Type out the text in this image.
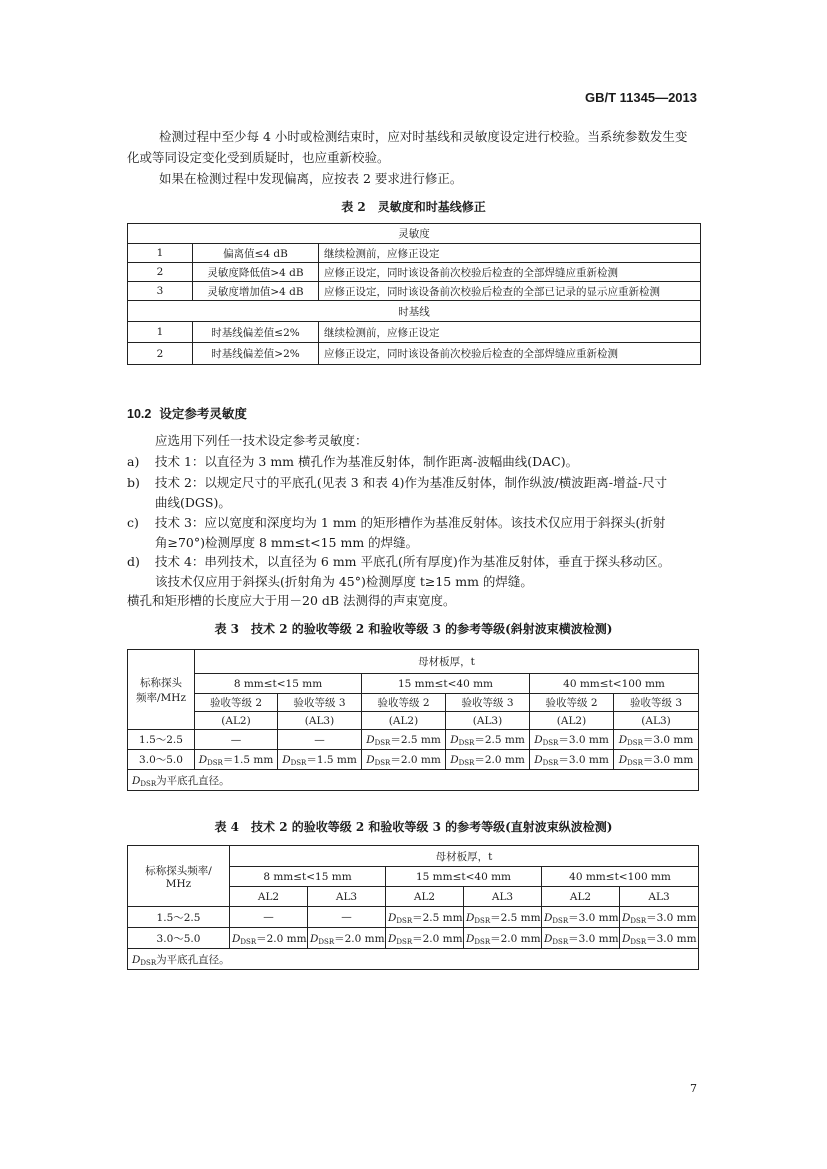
GB/T 11345—2013
检测过程中至少每 4 小时或检测结束时，应对时基线和灵敏度设定进行校验。当系统参数发生变
化或等同设定变化受到质疑时，也应重新校验。
如果在检测过程中发现偏离，应按表 2 要求进行修正。
表 2　灵敏度和时基线修正
灵敏度		
1	偏离值≤4 dB	继续检测前，应修正设定
2	灵敏度降低值>4 dB	应修正设定，同时该设备前次校验后检查的全部焊缝应重新检测
3	灵敏度增加值>4 dB	应修正设定，同时该设备前次校验后检查的全部已记录的显示应重新检测
时基线		
1	时基线偏差值≤2%	继续检测前，应修正设定
2	时基线偏差值>2%	应修正设定，同时该设备前次校验后检查的全部焊缝应重新检测
10.2 设定参考灵敏度
应选用下列任一技术设定参考灵敏度：
a) 技术 1：以直径为 3 mm 横孔作为基准反射体，制作距离-波幅曲线(DAC)。
b) 技术 2：以规定尺寸的平底孔(见表 3 和表 4)作为基准反射体，制作纵波/横波距离-增益-尺寸
曲线(DGS)。
c) 技术 3：应以宽度和深度均为 1 mm 的矩形槽作为基准反射体。该技术仅应用于斜探头(折射
角≥70°)检测厚度 8 mm≤t<15 mm 的焊缝。
d) 技术 4：串列技术，以直径为 6 mm 平底孔(所有厚度)作为基准反射体，垂直于探头移动区。
该技术仅应用于斜探头(折射角为 45°)检测厚度 t≥15 mm 的焊缝。
横孔和矩形槽的长度应大于用－20 dB 法测得的声束宽度。
表 3　技术 2 的验收等级 2 和验收等级 3 的参考等级(斜射波束横波检测)
标称探头
频率/MHz	母材板厚，t					
	8 mm≤t<15 mm		15 mm≤t<40 mm		40 mm≤t<100 mm	
	验收等级 2	验收等级 3	验收等级 2	验收等级 3	验收等级 2	验收等级 3
	(AL2)	(AL3)	(AL2)	(AL3)	(AL2)	(AL3)
1.5～2.5	—	—	$D_{DSR}=2.5$ mm	$D_{DSR}=2.5$ mm	$D_{DSR}=3.0$ mm	$D_{DSR}=3.0$ mm
3.0～5.0	$D_{DSR}=1.5$ mm	$D_{DSR}=1.5$ mm	$D_{DSR}=2.0$ mm	$D_{DSR}=2.0$ mm	$D_{DSR}=3.0$ mm	$D_{DSR}=3.0$ mm
$D_{DSR}$为平底孔直径。						
表 4　技术 2 的验收等级 2 和验收等级 3 的参考等级(直射波束纵波检测)
标称探头频率/
MHz	母材板厚，t					
	8 mm≤t<15 mm		15 mm≤t<40 mm		40 mm≤t<100 mm	
	AL2	AL3	AL2	AL3	AL2	AL3
1.5～2.5	—	—	$D_{DSR}=2.5$ mm	$D_{DSR}=2.5$ mm	$D_{DSR}=3.0$ mm	$D_{DSR}=3.0$ mm
3.0～5.0	$D_{DSR}=2.0$ mm	$D_{DSR}=2.0$ mm	$D_{DSR}=2.0$ mm	$D_{DSR}=2.0$ mm	$D_{DSR}=3.0$ mm	$D_{DSR}=3.0$ mm
$D_{DSR}$为平底孔直径。						
7
